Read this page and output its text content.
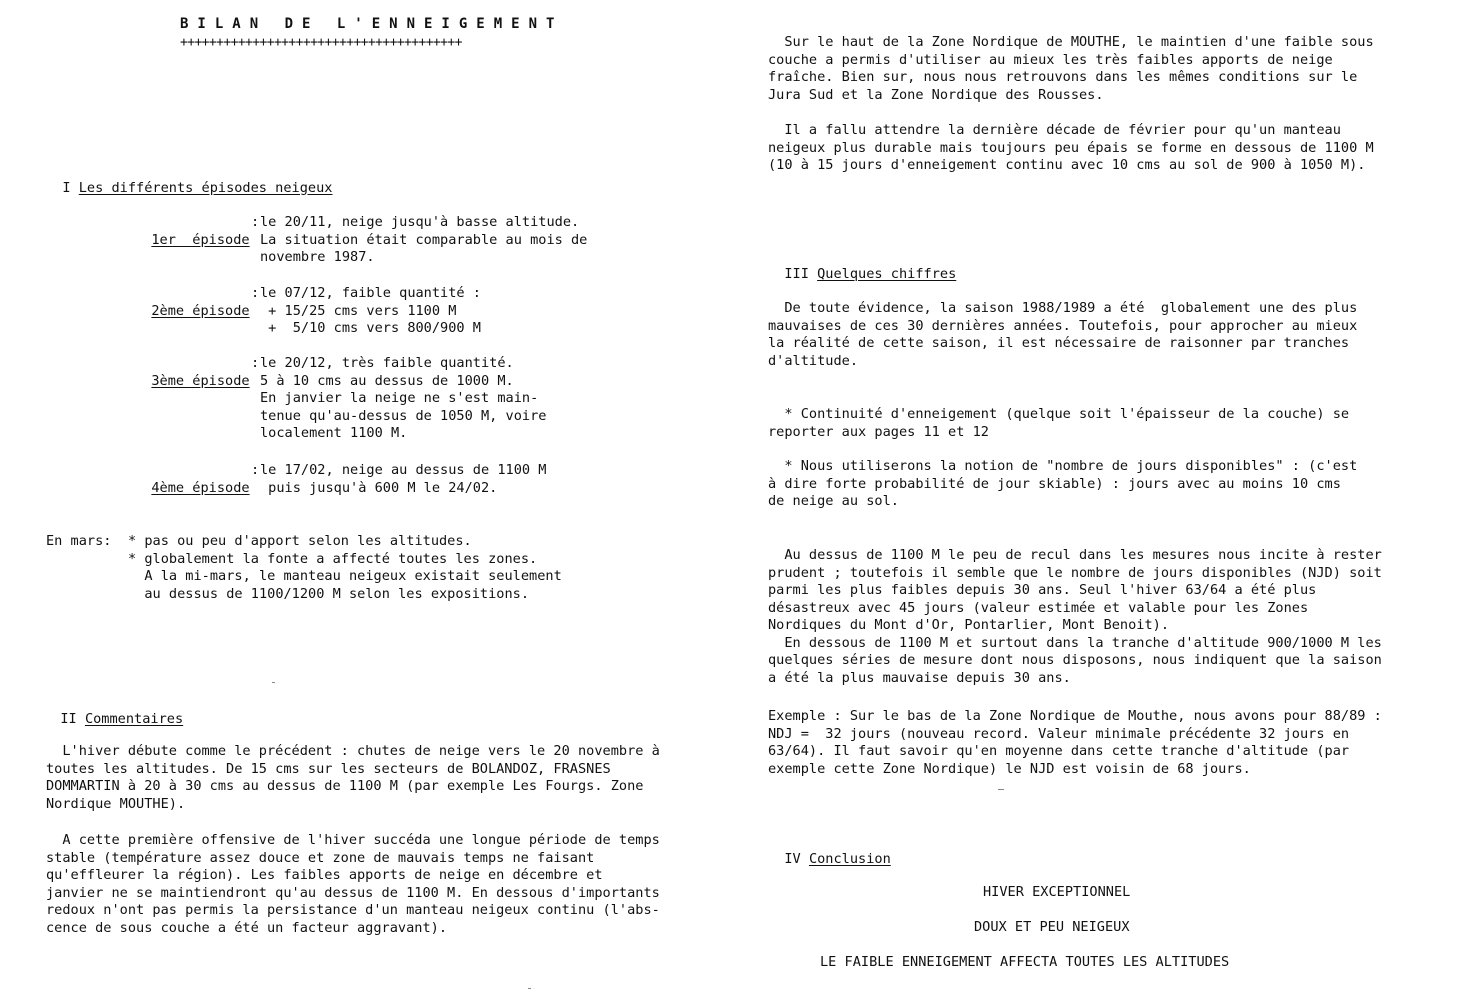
BILAN DE L'ENNEIGEMENT
+++++++++++++++++++++++++++++++++++++++

I Les différents épisodes neigeux

1er  épisode

: le 20/11, neige jusqu'à basse altitude.
La situation était comparable au mois de
novembre 1987.

2ème épisode

: le 07/12, faible quantité :
+ 15/25 cms vers 1100 M
+  5/10 cms vers 800/900 M

3ème épisode

: le 20/12, très faible quantité.
5 à 10 cms au dessus de 1000 M.
En janvier la neige ne s'est main-
tenue qu'au-dessus de 1050 M, voire
localement 1100 M.

4ème épisode

: le 17/02, neige au dessus de 1100 M
puis jusqu'à 600 M le 24/02.
En mars: * pas ou peu d'apport selon les altitudes.
* globalement la fonte a affecté toutes les zones.
A la mi-mars, le manteau neigeux existait seulement
au dessus de 1100/1200 M selon les expositions.

II Commentaires

L'hiver débute comme le précédent : chutes de neige vers le 20 novembre à
toutes les altitudes. De 15 cms sur les secteurs de BOLANDOZ, FRASNES
DOMMARTIN à 20 à 30 cms au dessus de 1100 M (par exemple Les Fourgs. Zone
Nordique MOUTHE).
A cette première offensive de l'hiver succéda une longue période de temps
stable (température assez douce et zone de mauvais temps ne faisant
qu'effleurer la région). Les faibles apports de neige en décembre et
janvier ne se maintiendront qu'au dessus de 1100 M. En dessous d'importants
redoux n'ont pas permis la persistance d'un manteau neigeux continu (l'abs-
cence de sous couche a été un facteur aggravant).
Sur le haut de la Zone Nordique de MOUTHE, le maintien d'une faible sous
couche a permis d'utiliser au mieux les très faibles apports de neige
fraîche. Bien sur, nous nous retrouvons dans les mêmes conditions sur le
Jura Sud et la Zone Nordique des Rousses.
Il a fallu attendre la dernière décade de février pour qu'un manteau
neigeux plus durable mais toujours peu épais se forme en dessous de 1100 M
(10 à 15 jours d'enneigement continu avec 10 cms au sol de 900 à 1050 M).

III Quelques chiffres

De toute évidence, la saison 1988/1989 a été  globalement une des plus
mauvaises de ces 30 dernières années. Toutefois, pour approcher au mieux
la réalité de cette saison, il est nécessaire de raisonner par tranches
d'altitude.
* Continuité d'enneigement (quelque soit l'épaisseur de la couche) se
reporter aux pages 11 et 12
* Nous utiliserons la notion de "nombre de jours disponibles" : (c'est
à dire forte probabilité de jour skiable) : jours avec au moins 10 cms
de neige au sol.
Au dessus de 1100 M le peu de recul dans les mesures nous incite à rester
prudent ; toutefois il semble que le nombre de jours disponibles (NJD) soit
parmi les plus faibles depuis 30 ans. Seul l'hiver 63/64 a été plus
désastreux avec 45 jours (valeur estimée et valable pour les Zones
Nordiques du Mont d'Or, Pontarlier, Mont Benoit).
En dessous de 1100 M et surtout dans la tranche d'altitude 900/1000 M les
quelques séries de mesure dont nous disposons, nous indiquent que la saison
a été la plus mauvaise depuis 30 ans.
Exemple : Sur le bas de la Zone Nordique de Mouthe, nous avons pour 88/89 :
NDJ =  32 jours (nouveau record. Valeur minimale précédente 32 jours en
63/64). Il faut savoir qu'en moyenne dans cette tranche d'altitude (par
exemple cette Zone Nordique) le NJD est voisin de 68 jours.

IV Conclusion

HIVER EXCEPTIONNEL
DOUX ET PEU NEIGEUX
LE FAIBLE ENNEIGEMENT AFFECTA TOUTES LES ALTITUDES
